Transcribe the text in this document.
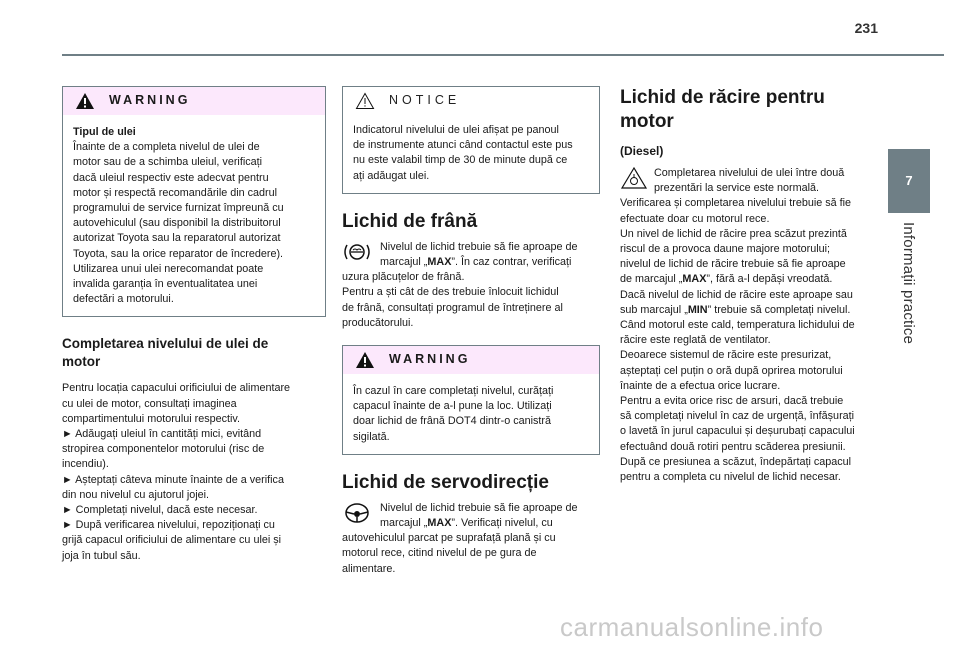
231
7
Informații practice
WARNING

Tipul de ulei

Înainte de a completa nivelul de ulei de
motor sau de a schimba uleiul, verificați
dacă uleiul respectiv este adecvat pentru
motor și respectă recomandările din cadrul
programului de service furnizat împreună cu
autovehiculul (sau disponibil la distribuitorul
autorizat Toyota sau la reparatorul autorizat
Toyota, sau la orice reparator de încredere).
Utilizarea unui ulei nerecomandat poate
invalida garanția în eventualitatea unei
defectări a motorului.

Completarea nivelului de ulei de
motor

Pentru locația capacului orificiului de alimentare
cu ulei de motor, consultați imaginea
compartimentului motorului respectiv.
► Adăugați uleiul în cantități mici, evitând
stropirea componentelor motorului (risc de
incendiu).
► Așteptați câteva minute înainte de a verifica
din nou nivelul cu ajutorul jojei.
► Completați nivelul, dacă este necesar.
► După verificarea nivelului, repoziționați cu
grijă capacul orificiului de alimentare cu ulei și
joja în tubul său.

NOTICE

Indicatorul nivelului de ulei afișat pe panoul
de instrumente atunci când contactul este pus
nu este valabil timp de 30 de minute după ce
ați adăugat ulei.

Lichid de frână

Nivelul de lichid trebuie să fie aproape de

marcajul „MAX”. În caz contrar, verificați

uzura plăcuțelor de frână.
Pentru a ști cât de des trebuie înlocuit lichidul
de frână, consultați programul de întreținere al
producătorului.

WARNING

În cazul în care completați nivelul, curățați
capacul înainte de a-l pune la loc. Utilizați
doar lichid de frână DOT4 dintr-o canistră
sigilată.

Lichid de servodirecție

Nivelul de lichid trebuie să fie aproape de

marcajul „MAX”. Verificați nivelul, cu

autovehiculul parcat pe suprafață plană și cu
motorul rece, citind nivelul de pe gura de
alimentare.

Lichid de răcire pentru
motor

(Diesel)

Completarea nivelului de ulei între două

prezentări la service este normală.

Verificarea și completarea nivelului trebuie să fie
efectuate doar cu motorul rece.
Un nivel de lichid de răcire prea scăzut prezintă
riscul de a provoca daune majore motorului;
nivelul de lichid de răcire trebuie să fie aproape
de marcajul „MAX”, fără a-l depăși vreodată.
Dacă nivelul de lichid de răcire este aproape sau
sub marcajul „MIN” trebuie să completați nivelul.
Când motorul este cald, temperatura lichidului de
răcire este reglată de ventilator.
Deoarece sistemul de răcire este presurizat,
așteptați cel puțin o oră după oprirea motorului
înainte de a efectua orice lucrare.
Pentru a evita orice risc de arsuri, dacă trebuie
să completați nivelul în caz de urgență, înfășurați
o lavetă în jurul capacului și deșurubați capacului
efectuând două rotiri pentru scăderea presiunii.
După ce presiunea a scăzut, îndepărtați capacul
pentru a completa cu nivelul de lichid necesar.

carmanualsonline.info
